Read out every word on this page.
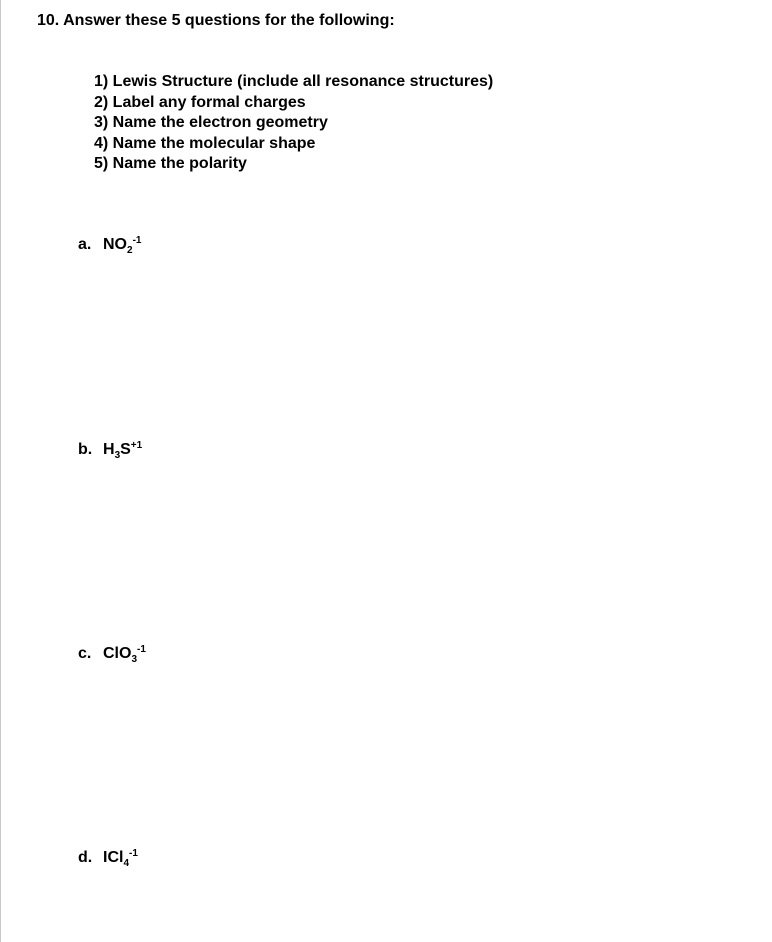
10. Answer these 5 questions for the following:
1) Lewis Structure (include all resonance structures)
2) Label any formal charges
3) Name the electron geometry
4) Name the molecular shape
5) Name the polarity
a. $NO_2^{-1}$
b. $H_3S^{+1}$
c. ClO$_3^{-1}$
d. ICl$_4^{-1}$
